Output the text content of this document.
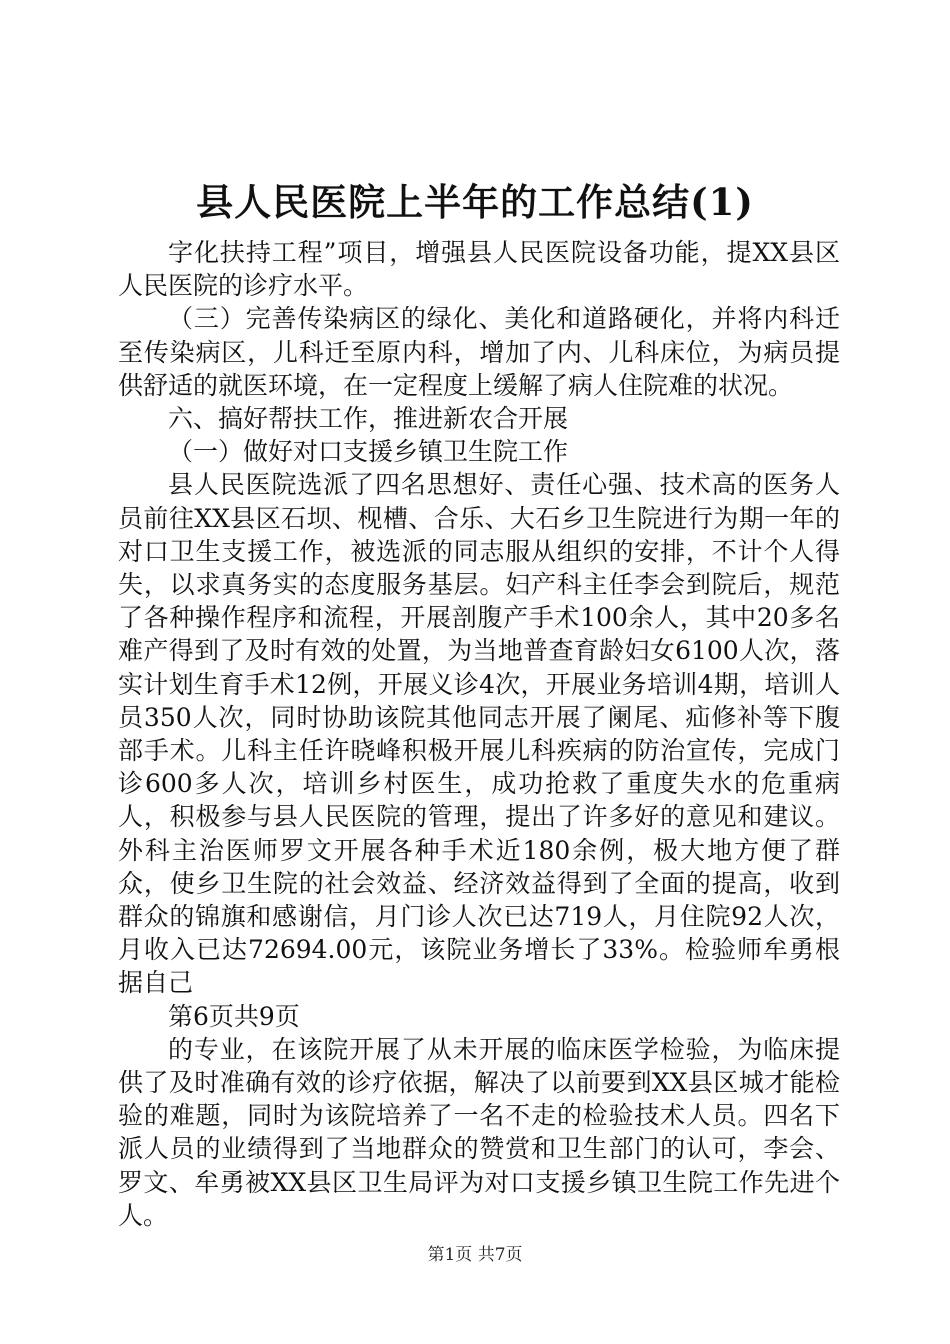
县人民医院上半年的工作总结(1)

字化扶持工程”项目，增强县人民医院设备功能，提XX县区人民医院的诊疗水平。

（三）完善传染病区的绿化、美化和道路硬化，并将内科迁至传染病区，儿科迁至原内科，增加了内、儿科床位，为病员提供舒适的就医环境，在一定程度上缓解了病人住院难的状况。

六、搞好帮扶工作，推进新农合开展

（一）做好对口支援乡镇卫生院工作

县人民医院选派了四名思想好、责任心强、技术高的医务人员前往XX县区石坝、枧槽、合乐、大石乡卫生院进行为期一年的对口卫生支援工作，被选派的同志服从组织的安排，不计个人得失，以求真务实的态度服务基层。妇产科主任李会到院后，规范了各种操作程序和流程，开展剖腹产手术100余人，其中20多名难产得到了及时有效的处置，为当地普查育龄妇女6100人次，落实计划生育手术12例，开展义诊4次，开展业务培训4期，培训人员350人次，同时协助该院其他同志开展了阑尾、疝修补等下腹部手术。儿科主任许晓峰积极开展儿科疾病的防治宣传，完成门诊600多人次，培训乡村医生，成功抢救了重度失水的危重病人，积极参与县人民医院的管理，提出了许多好的意见和建议。外科主治医师罗文开展各种手术近180余例，极大地方便了群众，使乡卫生院的社会效益、经济效益得到了全面的提高，收到群众的锦旗和感谢信，月门诊人次已达719人，月住院92人次，月收入已达72694.00元，该院业务增长了33%。检验师牟勇根据自己

第6页共9页

的专业，在该院开展了从未开展的临床医学检验，为临床提供了及时准确有效的诊疗依据，解决了以前要到XX县区城才能检验的难题，同时为该院培养了一名不走的检验技术人员。四名下派人员的业绩得到了当地群众的赞赏和卫生部门的认可，李会、罗文、牟勇被XX县区卫生局评为对口支援乡镇卫生院工作先进个人。

第1页 共7页
